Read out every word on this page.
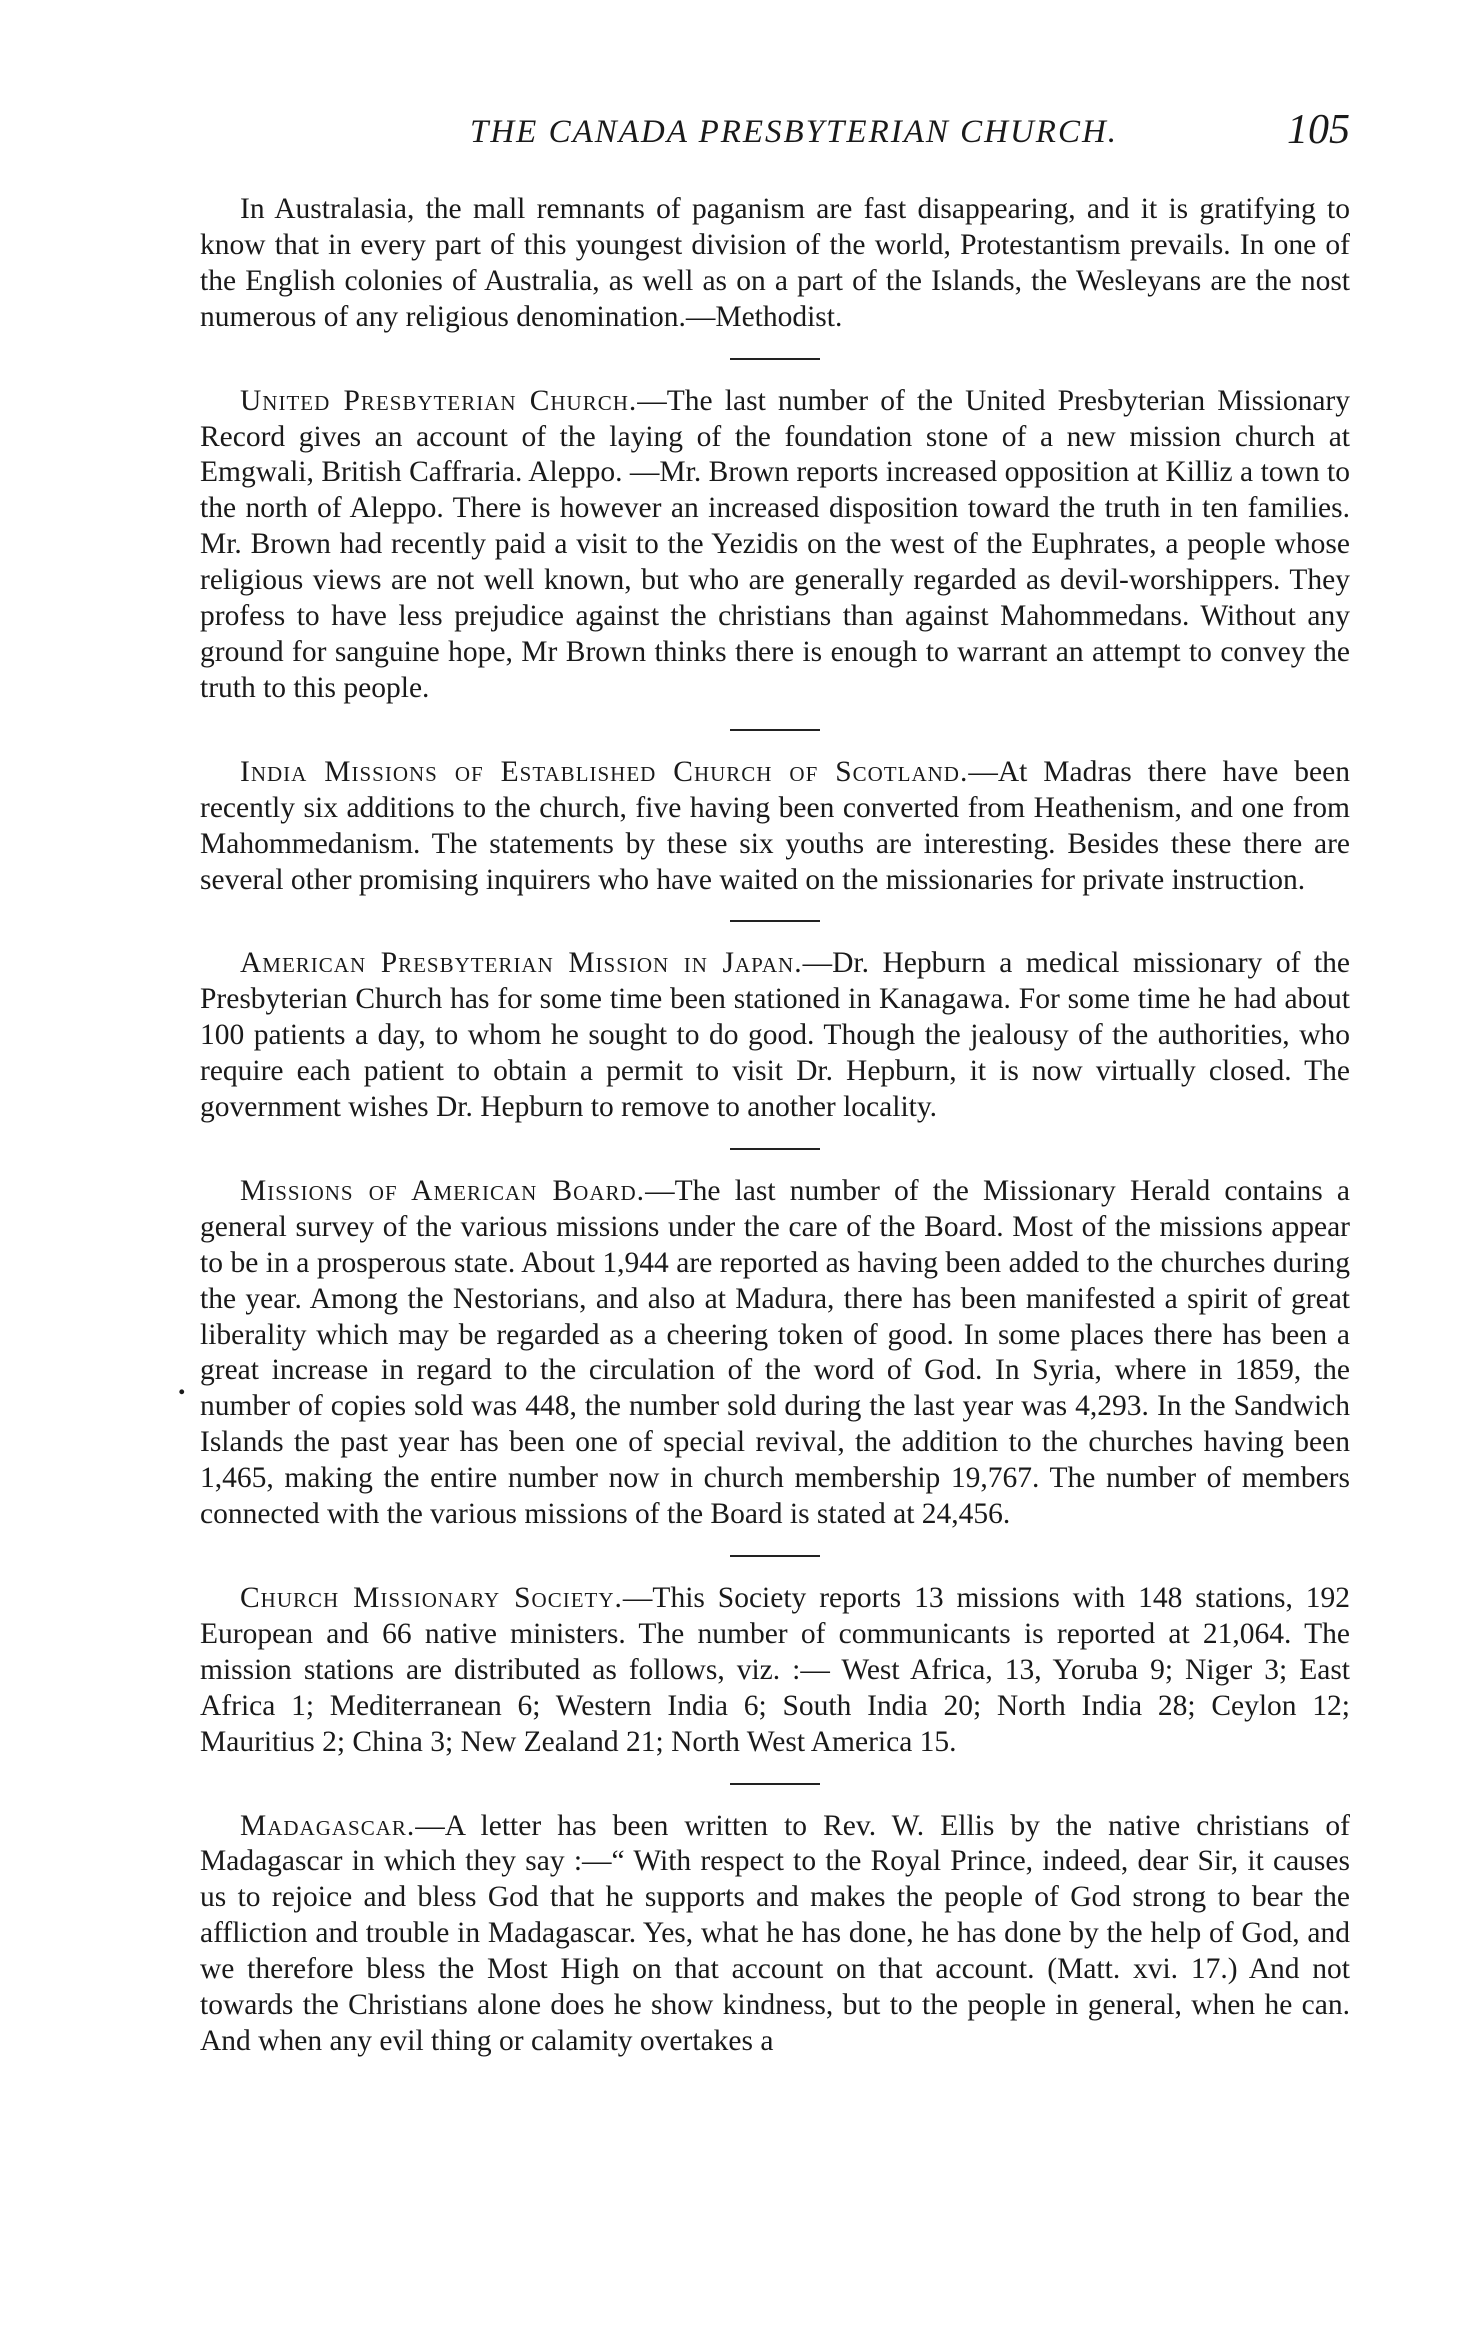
THE CANADA PRESBYTERIAN CHURCH.	105
.

In Australasia, the mall remnants of paganism are fast disappearing, and it is gratifying to know that in every part of this youngest division of the world, Protestantism prevails. In one of the English colonies of Australia, as well as on a part of the Islands, the Wesleyans are the nost numerous of any religious denomination.—Methodist.

United Presbyterian Church.—The last number of the United Presbyterian Missionary Record gives an account of the laying of the foundation stone of a new mission church at Emgwali, British Caffraria. Aleppo. —Mr. Brown reports increased opposition at Killiz a town to the north of Aleppo. There is however an increased disposition toward the truth in ten families. Mr. Brown had recently paid a visit to the Yezidis on the west of the Euphrates, a people whose religious views are not well known, but who are generally regarded as devil-worshippers. They profess to have less prejudice against the christians than against Mahommedans. Without any ground for sanguine hope, Mr Brown thinks there is enough to warrant an attempt to convey the truth to this people.

India Missions of Established Church of Scotland.—At Madras there have been recently six additions to the church, five having been converted from Heathenism, and one from Mahommedanism. The statements by these six youths are interesting. Besides these there are several other promising inquirers who have waited on the missionaries for private instruction.

American Presbyterian Mission in Japan.—Dr. Hepburn a medical missionary of the Presbyterian Church has for some time been stationed in Kanagawa. For some time he had about 100 patients a day, to whom he sought to do good. Though the jealousy of the authorities, who require each patient to obtain a permit to visit Dr. Hepburn, it is now virtually closed. The government wishes Dr. Hepburn to remove to another locality.

Missions of American Board.—The last number of the Missionary Herald contains a general survey of the various missions under the care of the Board. Most of the missions appear to be in a prosperous state. About 1,944 are reported as having been added to the churches during the year. Among the Nestorians, and also at Madura, there has been manifested a spirit of great liberality which may be regarded as a cheering token of good. In some places there has been a great increase in regard to the circulation of the word of God. In Syria, where in 1859, the number of copies sold was 448, the number sold during the last year was 4,293. In the Sandwich Islands the past year has been one of special revival, the addition to the churches having been 1,465, making the entire number now in church membership 19,767. The number of members connected with the various missions of the Board is stated at 24,456.

Church Missionary Society.—This Society reports 13 missions with 148 stations, 192 European and 66 native ministers. The number of communicants is reported at 21,064. The mission stations are distributed as follows, viz. :— West Africa, 13, Yoruba 9; Niger 3; East Africa 1; Mediterranean 6; Western India 6; South India 20; North India 28; Ceylon 12; Mauritius 2; China 3; New Zealand 21; North West America 15.

Madagascar.—A letter has been written to Rev. W. Ellis by the native christians of Madagascar in which they say :—“ With respect to the Royal Prince, indeed, dear Sir, it causes us to rejoice and bless God that he supports and makes the people of God strong to bear the affliction and trouble in Madagascar. Yes, what he has done, he has done by the help of God, and we therefore bless the Most High on that account on that account. (Matt. xvi. 17.) And not towards the Christians alone does he show kindness, but to the people in general, when he can. And when any evil thing or calamity overtakes a
